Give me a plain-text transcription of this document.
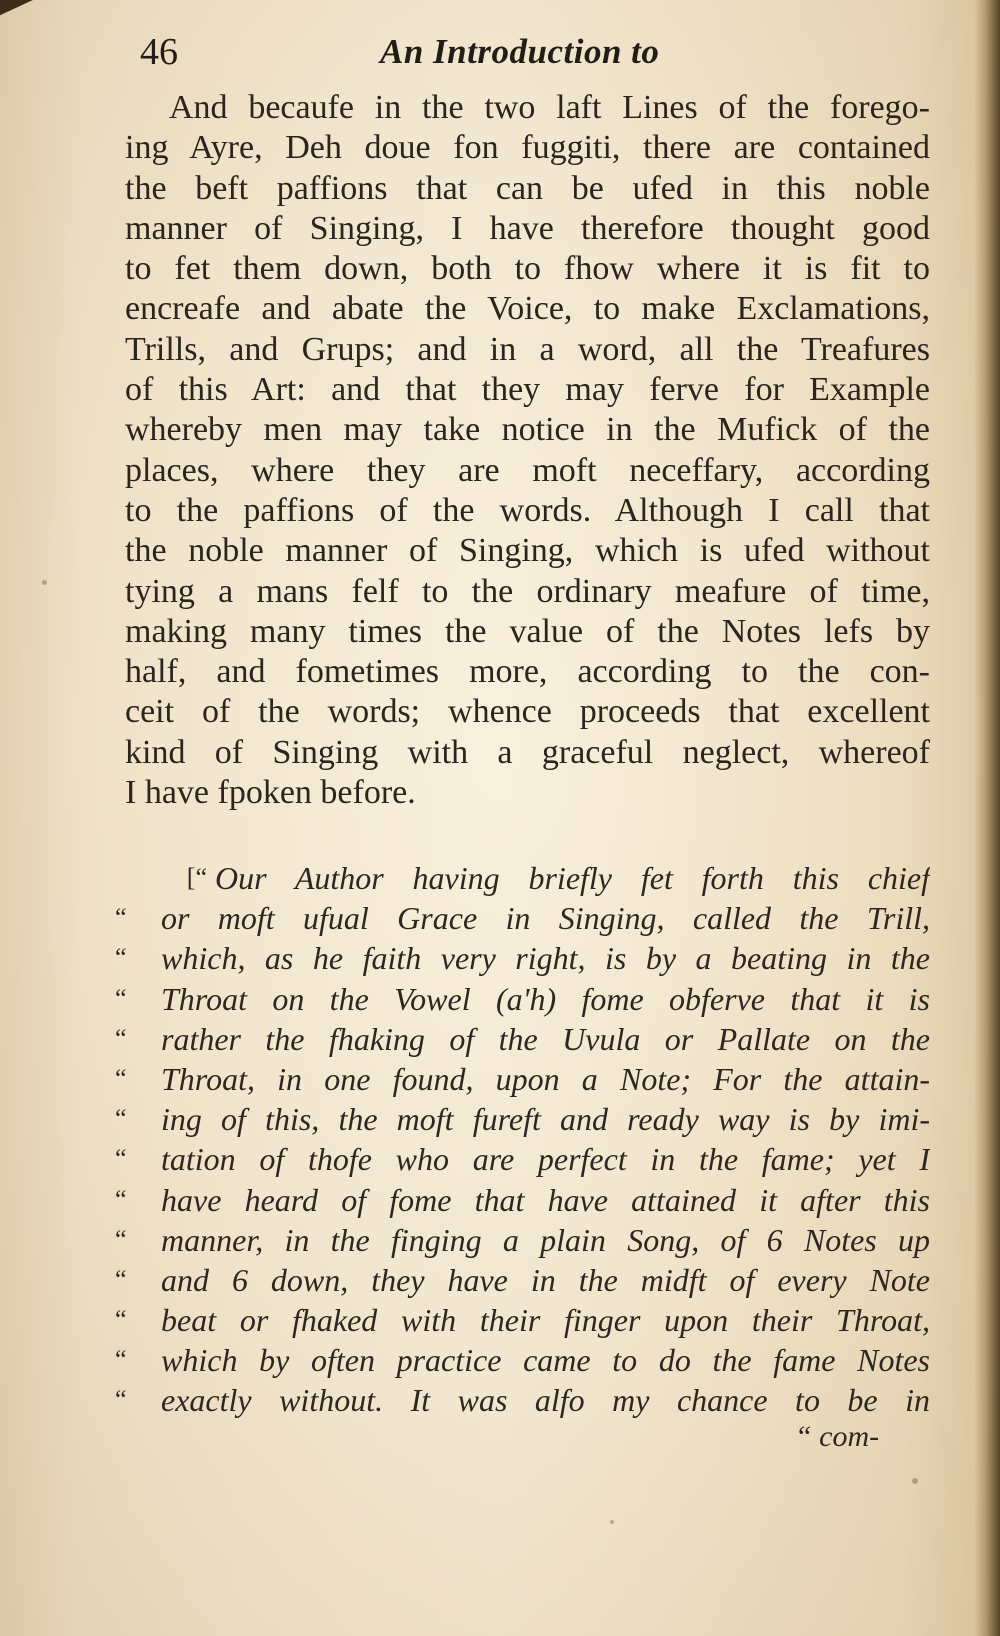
46	An Introduction to
And becaufe in the two laft Lines of the forego-
ing Ayre, Deh doue fon fuggiti, there are contained
the beft paffions that can be ufed in this noble
manner of Singing, I have therefore thought good
to fet them down, both to fhow where it is fit to
encreafe and abate the Voice, to make Exclamations,
Trills, and Grups; and in a word, all the Treafures
of this Art: and that they may ferve for Example
whereby men may take notice in the Mufick of the
places, where they are moft neceffary, according
to the paffions of the words. Although I call that
the noble manner of Singing, which is ufed without
tying a mans felf to the ordinary meafure of time,
making many times the value of the Notes lefs by
half, and fometimes more, according to the con-
ceit of the words; whence proceeds that excellent
kind of Singing with a graceful neglect, whereof
I have fpoken before.
[“ Our Author having briefly fet forth this chief
“	or moft ufual Grace in Singing, called the Trill,
“	which, as he faith very right, is by a beating in the
“	Throat on the Vowel (a'h) fome obferve that it is
“	rather the fhaking of the Uvula or Pallate on the
“	Throat, in one found, upon a Note; For the attain-
“	ing of this, the moft fureft and ready way is by imi-
“	tation of thofe who are perfect in the fame; yet I
“	have heard of fome that have attained it after this
“	manner, in the finging a plain Song, of 6 Notes up
“	and 6 down, they have in the midft of every Note
“	beat or fhaked with their finger upon their Throat,
“	which by often practice came to do the fame Notes
“	exactly without. It was alfo my chance to be in
“ com-
